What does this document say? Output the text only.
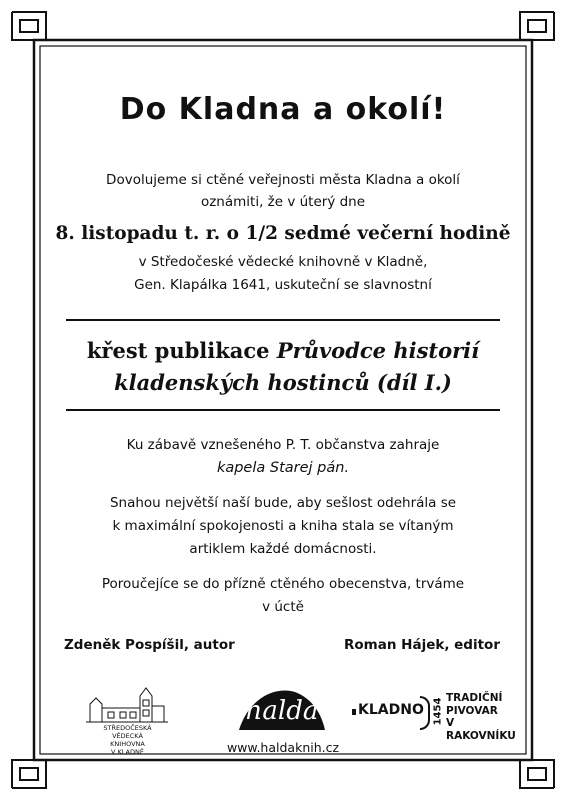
Do Kladna a okolí!
Dovolujeme si ctěné veřejnosti města Kladna a okolí
oznámiti, že v úterý dne
8. listopadu t. r. o 1/2 sedmé večerní hodině
v Středočeské vědecké knihovně v Kladně,
Gen. Klapálka 1641, uskuteční se slavnostní
křest publikace Průvodce historií
kladenských hostinců (díl I.)
Ku zábavě vznešeného P. T. občanstva zahraje
kapela Starej pán.
Snahou největší naší bude, aby sešlost odehrála se
k maximální spokojenosti a kniha stala se vítaným
artiklem každé domácnosti.
Poroučejíce se do přízně ctěného obecenstva, trváme
v úctě
Zdeněk Pospíšil, autor	Roman Hájek, editor
STŘEDOČESKÁ
VĚDECKÁ
KNIHOVNA
V KLADNĚ
halda
www.haldaknih.cz
KLADNO 1454 TRADIČNÍ
PIVOVAR
V RAKOVNÍKU
